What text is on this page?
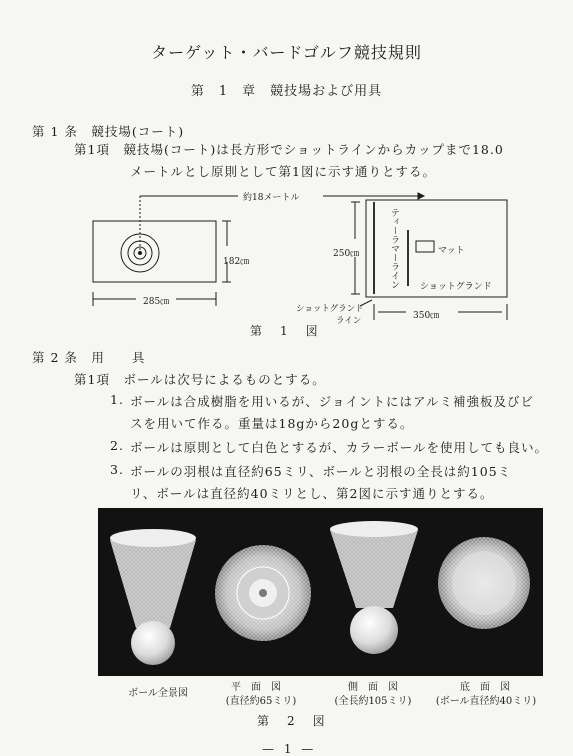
ターゲット・バードゴルフ競技規則
第　1　章　競技場および用具
第 1 条　競技場(コート)
第1項　競技場(コート)は長方形でショットラインからカップまで18.0
メートルとし原則として第1図に示す通りとする。
約18メートル
285㎝
182㎝
250㎝	ティーラマーライン	マット
ショットグランド
ショットグランド
ライン	350㎝
第　1　図
第 2 条　用　　具
第1項　ボールは次号によるものとする。
1. ボールは合成樹脂を用いるが、ジョイントにはアルミ補強板及びビ
スを用いて作る。重量は18gから20gとする。
2. ボールは原則として白色とするが、カラーボールを使用しても良い。
3. ボールの羽根は直径約65ミリ、ボールと羽根の全長は約105ミ
リ、ボールは直径約40ミリとし、第2図に示す通りとする。
ボール全景図
平　面　図
(直径約65ミリ)
側　面　図
(全長約105ミリ)
底　面　図
(ボール直径約40ミリ)
第　2　図
— 1 —
